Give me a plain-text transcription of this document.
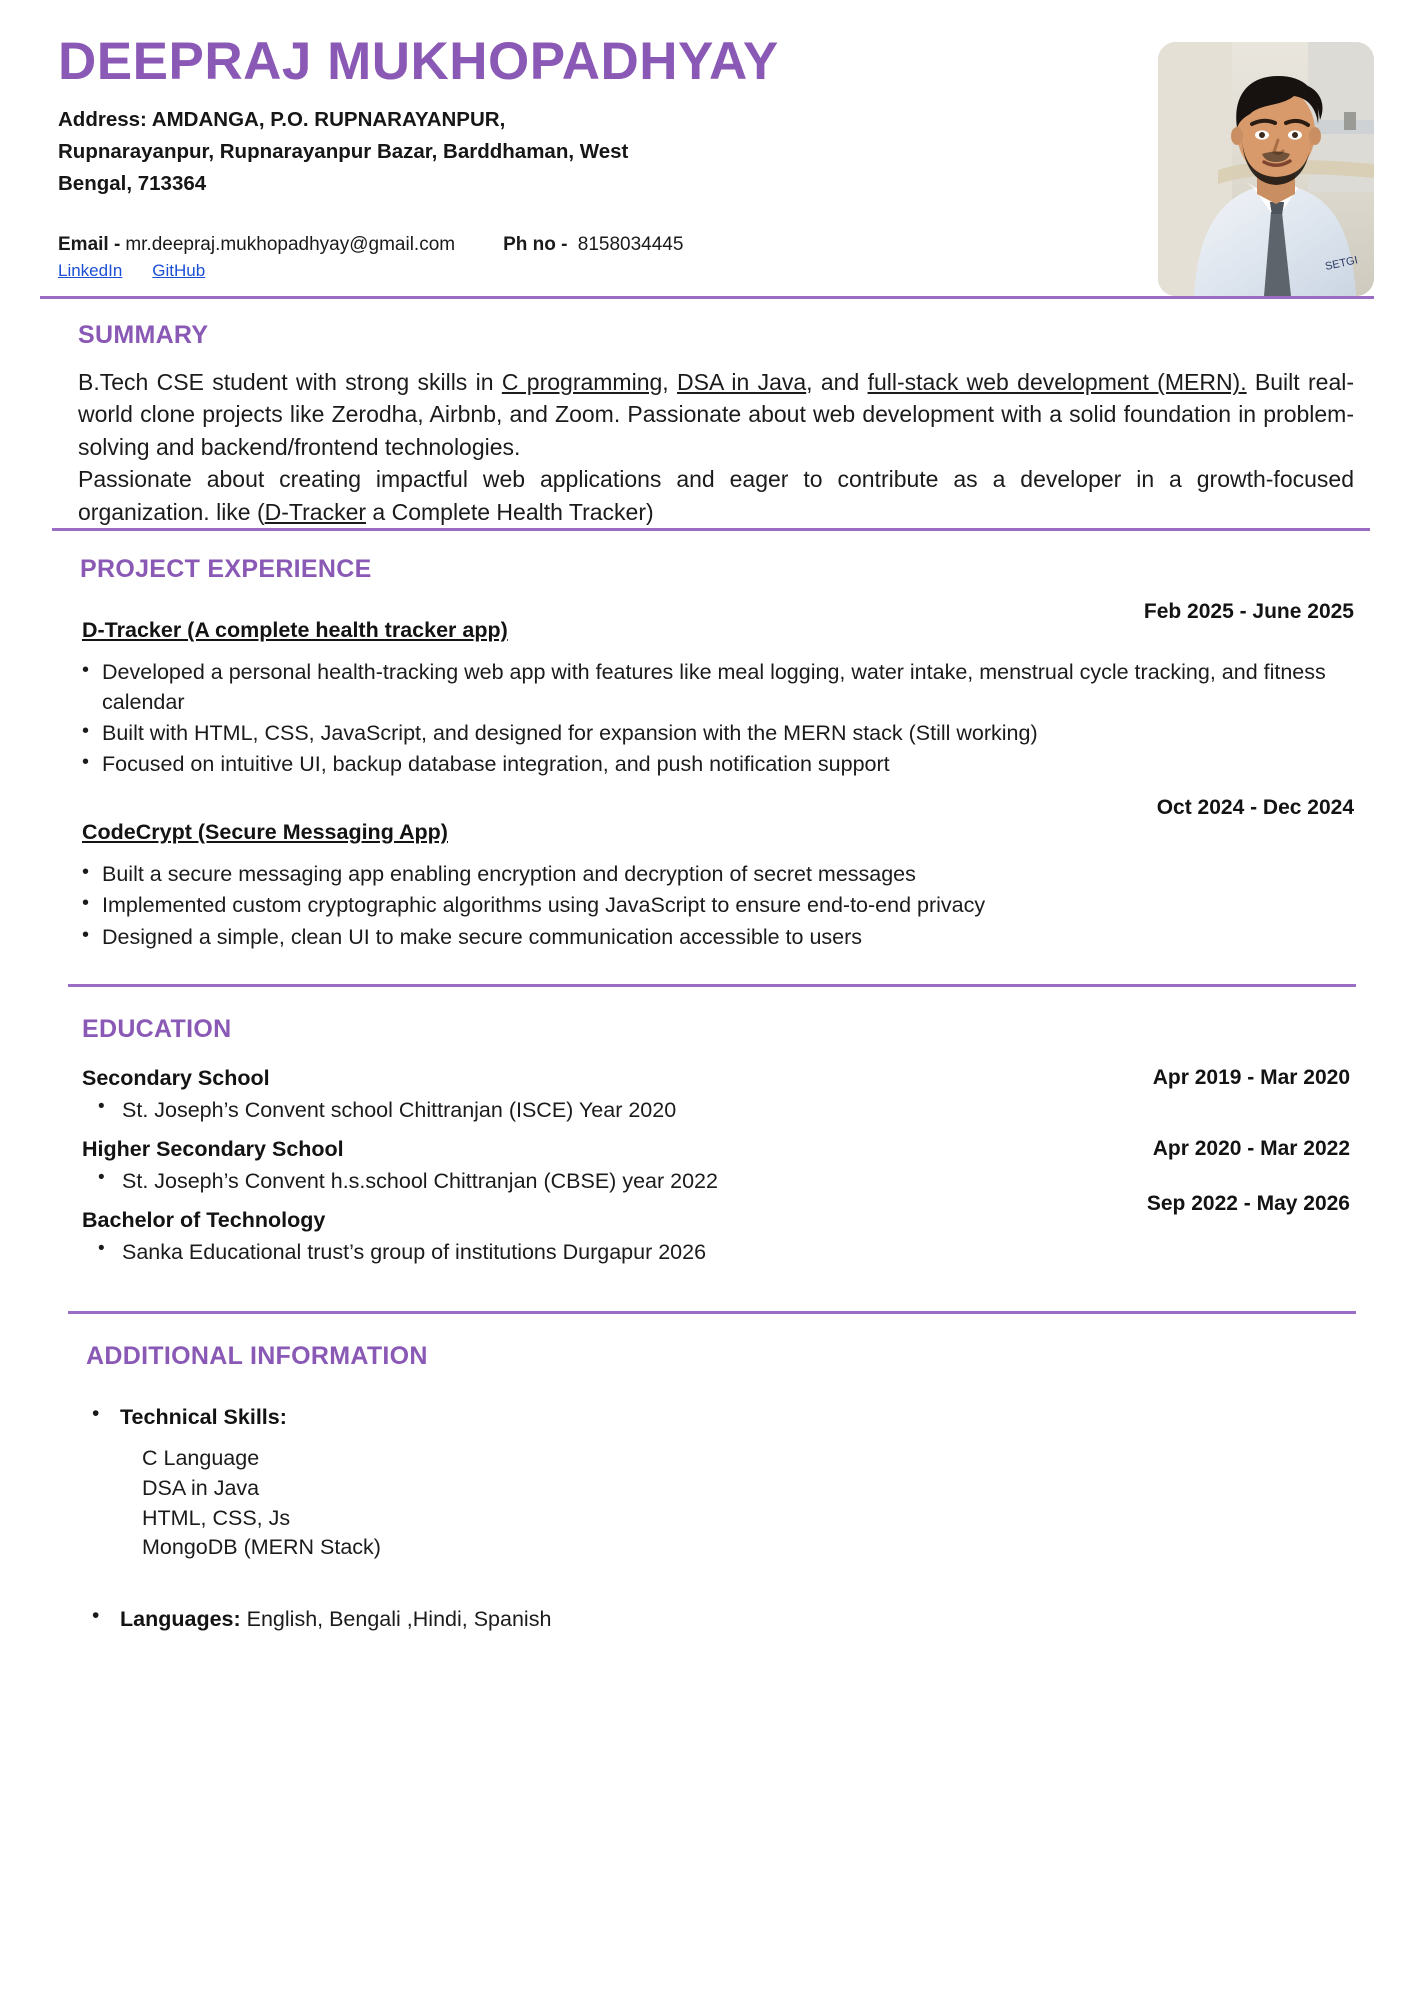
DEEPRAJ MUKHOPADHYAY
Address: AMDANGA, P.O. RUPNARAYANPUR,
Rupnarayanpur, Rupnarayanpur Bazar, Barddhaman, West
Bengal, 713364
Email - mr.deepraj.mukhopadhyay@gmail.com	Ph no - 8158034445
LinkedIn GitHub	SETGI
SUMMARY

B.Tech CSE student with strong skills in C programming, DSA in Java, and full-stack web development (MERN). Built real-world clone projects like Zerodha, Airbnb, and Zoom. Passionate about web development with a solid foundation in problem-solving and backend/frontend technologies.

Passionate about creating impactful web applications and eager to contribute as a developer in a growth-focused organization. like (D-Tracker a Complete Health Tracker)

PROJECT EXPERIENCE
D-Tracker (A complete health tracker app)
Feb 2025 - June 2025
• Developed a personal health-tracking web app with features like meal logging, water intake, menstrual cycle tracking, and fitness calendar
• Built with HTML, CSS, JavaScript, and designed for expansion with the MERN stack (Still working)
• Focused on intuitive UI, backup database integration, and push notification support
CodeCrypt (Secure Messaging App)
Oct 2024 - Dec 2024
• Built a secure messaging app enabling encryption and decryption of secret messages
• Implemented custom cryptographic algorithms using JavaScript to ensure end-to-end privacy
• Designed a simple, clean UI to make secure communication accessible to users
EDUCATION
Secondary School	Apr 2019 - Mar 2020
• St. Joseph’s Convent school Chittranjan (ISCE) Year 2020
Higher Secondary School	Apr 2020 - Mar 2022
• St. Joseph’s Convent h.s.school Chittranjan (CBSE) year 2022
Bachelor of Technology
Sep 2022 - May 2026
• Sanka Educational trust’s group of institutions Durgapur 2026
ADDITIONAL INFORMATION
• Technical Skills:
C Language
DSA in Java
HTML, CSS, Js
MongoDB (MERN Stack)
• Languages: English, Bengali ,Hindi, Spanish
